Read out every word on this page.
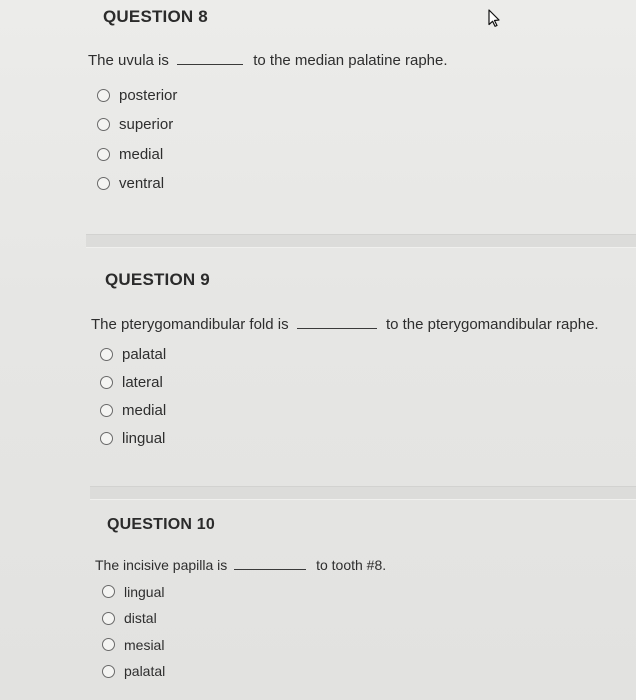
QUESTION 8
The uvula is	to the median palatine raphe.
posterior
superior
medial
ventral
QUESTION 9
The pterygomandibular fold is	to the pterygomandibular raphe.
palatal
lateral
medial
lingual
QUESTION 10
The incisive papilla is	to tooth #8.
lingual
distal
mesial
palatal
